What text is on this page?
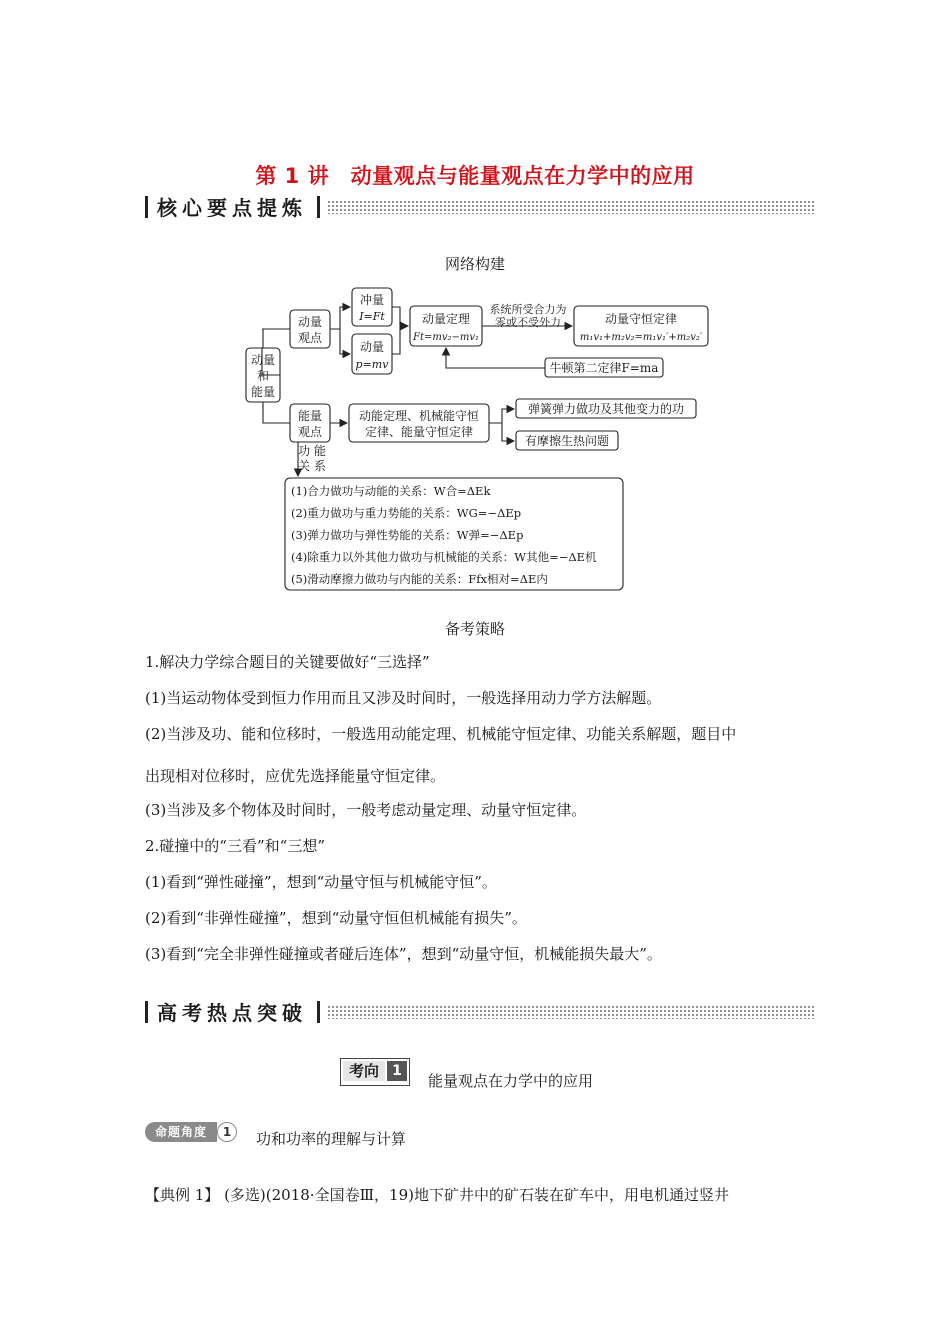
第 1 讲　动量观点与能量观点在力学中的应用
核心要点提炼
网络构建
动量
和
能量
动量
观点
冲量
I=Ft
动量
p=mv
动量定理
Ft=mv₂−mv₁
系统所受合力为
零或不受外力	动量守恒定律
m₁v₁+m₂v₂=m₁v₁′+m₂v₂′
牛顿第二定律F=ma
能量
观点
动能定理、机械能守恒
定律、能量守恒定律
弹簧弹力做功及其他变力的功
有摩擦生热问题
功 能
关 系
(1)合力做功与动能的关系：W合=ΔEk
(2)重力做功与重力势能的关系：WG=−ΔEp
(3)弹力做功与弹性势能的关系：W弹=−ΔEp
(4)除重力以外其他力做功与机械能的关系：W其他=−ΔE机
(5)滑动摩擦力做功与内能的关系：Ffx相对=ΔE内
备考策略
1.解决力学综合题目的关键要做好“三选择”
(1)当运动物体受到恒力作用而且又涉及时间时，一般选择用动力学方法解题。
(2)当涉及功、能和位移时，一般选用动能定理、机械能守恒定律、功能关系解题，题目中
出现相对位移时，应优先选择能量守恒定律。
(3)当涉及多个物体及时间时，一般考虑动量定理、动量守恒定律。
2.碰撞中的“三看”和“三想”
(1)看到“弹性碰撞”，想到“动量守恒与机械能守恒”。
(2)看到“非弹性碰撞”，想到“动量守恒但机械能有损失”。
(3)看到“完全非弹性碰撞或者碰后连体”，想到“动量守恒，机械能损失最大”。
高考热点突破
考向 1
能量观点在力学中的应用
命题角度	1	功和功率的理解与计算
【典例 1】 (多选)(2018·全国卷Ⅲ，19)地下矿井中的矿石装在矿车中，用电机通过竖井
